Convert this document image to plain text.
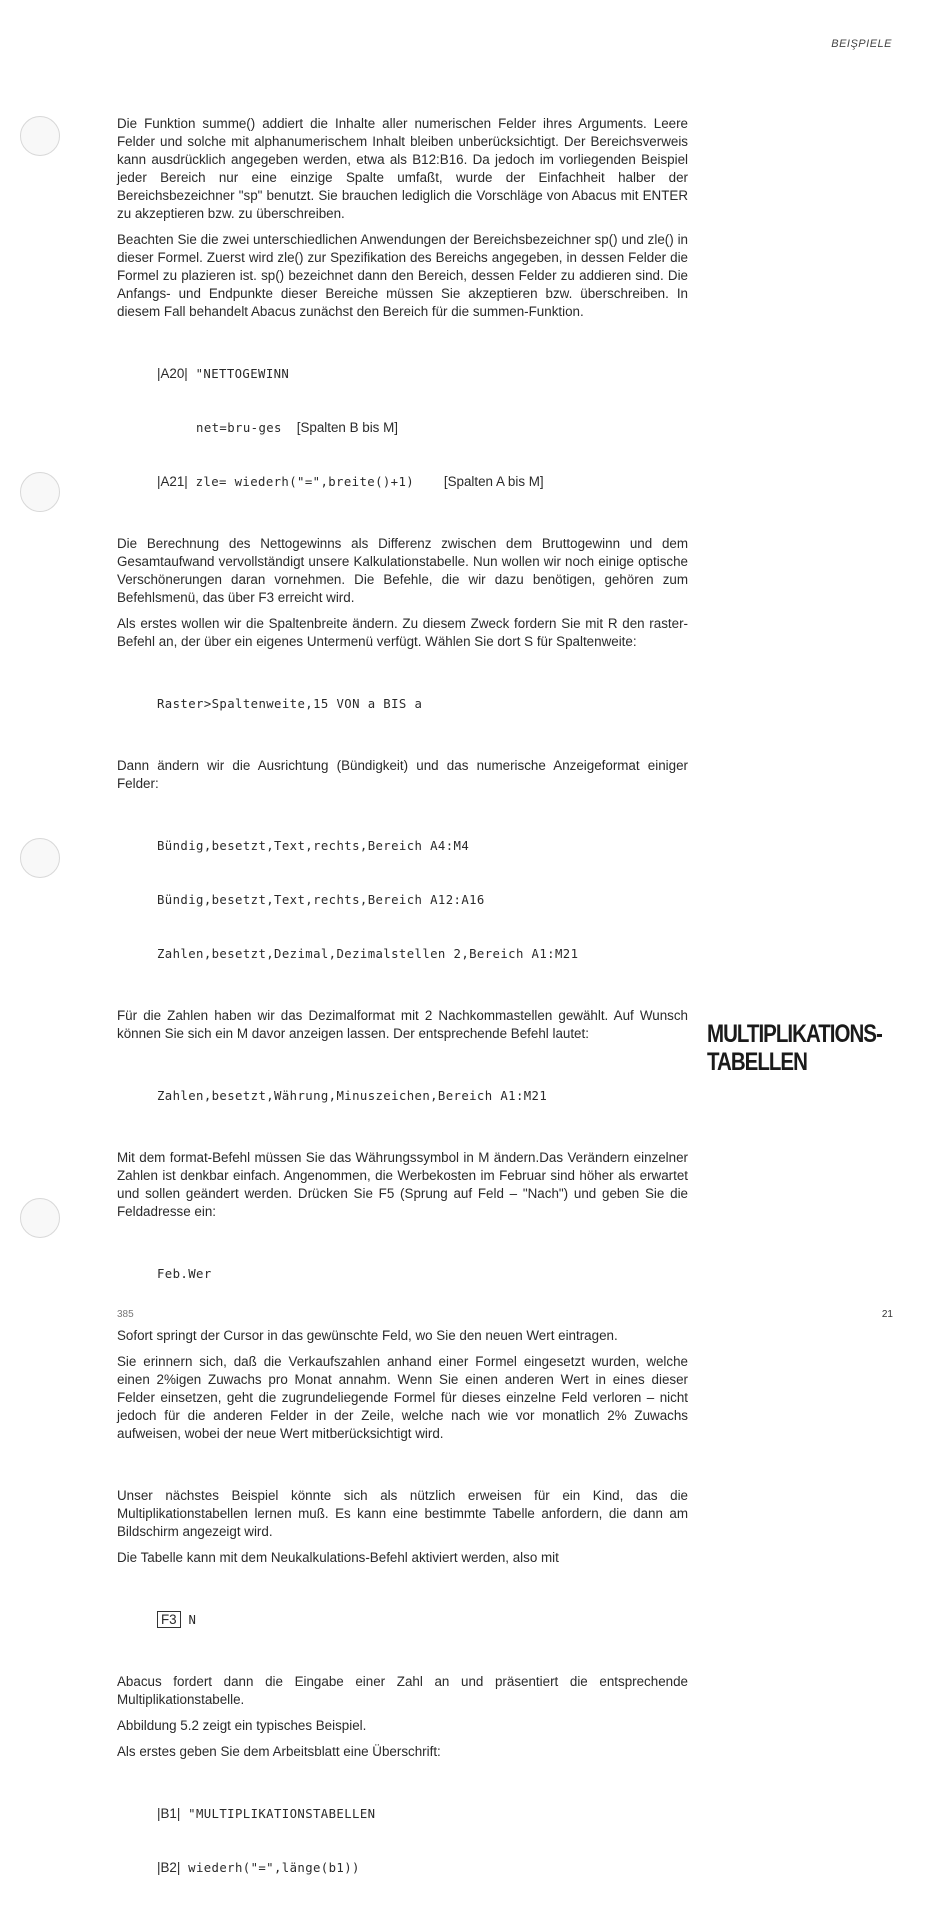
BEIŞPIELE

Die Funktion summe() addiert die Inhalte aller numerischen Felder ihres Arguments. Leere Felder und solche mit alphanumerischem Inhalt bleiben unberücksichtigt. Der Bereichsverweis kann ausdrücklich angegeben werden, etwa als B12:B16. Da jedoch im vorliegenden Beispiel jeder Bereich nur eine einzige Spalte umfaßt, wurde der Einfachheit halber der Bereichsbezeichner "sp" benutzt. Sie brauchen lediglich die Vorschläge von Abacus mit ENTER zu akzeptieren bzw. zu überschreiben.

Beachten Sie die zwei unterschiedlichen Anwendungen der Bereichsbezeichner sp() und zle() in dieser Formel. Zuerst wird zle() zur Spezifikation des Bereichs angegeben, in dessen Felder die Formel zu plazieren ist. sp() bezeichnet dann den Bereich, dessen Felder zu addieren sind. Die Anfangs- und Endpunkte dieser Bereiche müssen Sie akzeptieren bzw. überschreiben. In diesem Fall behandelt Abacus zunächst den Bereich für die summen-Funktion.

|A20| "NETTOGEWINN

net=bru-ges    [Spalten B bis M]

|A21| zle= wiederh("=",breite()+1)        [Spalten A bis M]

Die Berechnung des Nettogewinns als Differenz zwischen dem Bruttogewinn und dem Gesamtaufwand vervollständigt unsere Kalkulationstabelle. Nun wollen wir noch einige optische Verschönerungen daran vornehmen. Die Befehle, die wir dazu benötigen, gehören zum Befehlsmenü, das über F3 erreicht wird.

Als erstes wollen wir die Spaltenbreite ändern. Zu diesem Zweck fordern Sie mit R den raster-Befehl an, der über ein eigenes Untermenü verfügt. Wählen Sie dort S für Spaltenweite:

Raster>Spaltenweite,15 VON a BIS a

Dann ändern wir die Ausrichtung (Bündigkeit) und das numerische Anzeigeformat einiger Felder:

Bündig,besetzt,Text,rechts,Bereich A4:M4

Bündig,besetzt,Text,rechts,Bereich A12:A16

Zahlen,besetzt,Dezimal,Dezimalstellen 2,Bereich A1:M21

Für die Zahlen haben wir das Dezimalformat mit 2 Nachkommastellen gewählt. Auf Wunsch können Sie sich ein M davor anzeigen lassen. Der entsprechende Befehl lautet:

Zahlen,besetzt,Währung,Minuszeichen,Bereich A1:M21

Mit dem format-Befehl müssen Sie das Währungssymbol in M ändern.Das Verändern einzelner Zahlen ist denkbar einfach. Angenommen, die Werbekosten im Februar sind höher als erwartet und sollen geändert werden. Drücken Sie F5 (Sprung auf Feld – "Nach") und geben Sie die Feldadresse ein:

Feb.Wer

Sofort springt der Cursor in das gewünschte Feld, wo Sie den neuen Wert eintragen.

Sie erinnern sich, daß die Verkaufszahlen anhand einer Formel eingesetzt wurden, welche einen 2%igen Zuwachs pro Monat annahm. Wenn Sie einen anderen Wert in eines dieser Felder einsetzen, geht die zugrundeliegende Formel für dieses einzelne Feld verloren – nicht jedoch für die anderen Felder in der Zeile, welche nach wie vor monatlich 2% Zuwachs aufweisen, wobei der neue Wert mitberücksichtigt wird.

Unser nächstes Beispiel könnte sich als nützlich erweisen für ein Kind, das die Multiplikationstabellen lernen muß. Es kann eine bestimmte Tabelle anfordern, die dann am Bildschirm angezeigt wird.

Die Tabelle kann mit dem Neukalkulations-Befehl aktiviert werden, also mit

F3 N

Abacus fordert dann die Eingabe einer Zahl an und präsentiert die entsprechende Multiplikationstabelle.

Abbildung 5.2 zeigt ein typisches Beispiel.

Als erstes geben Sie dem Arbeitsblatt eine Überschrift:

|B1| "MULTIPLIKATIONSTABELLEN

|B2| wiederh("=",länge(b1))

MULTIPLIKATIONS-
TABELLEN
385	21
